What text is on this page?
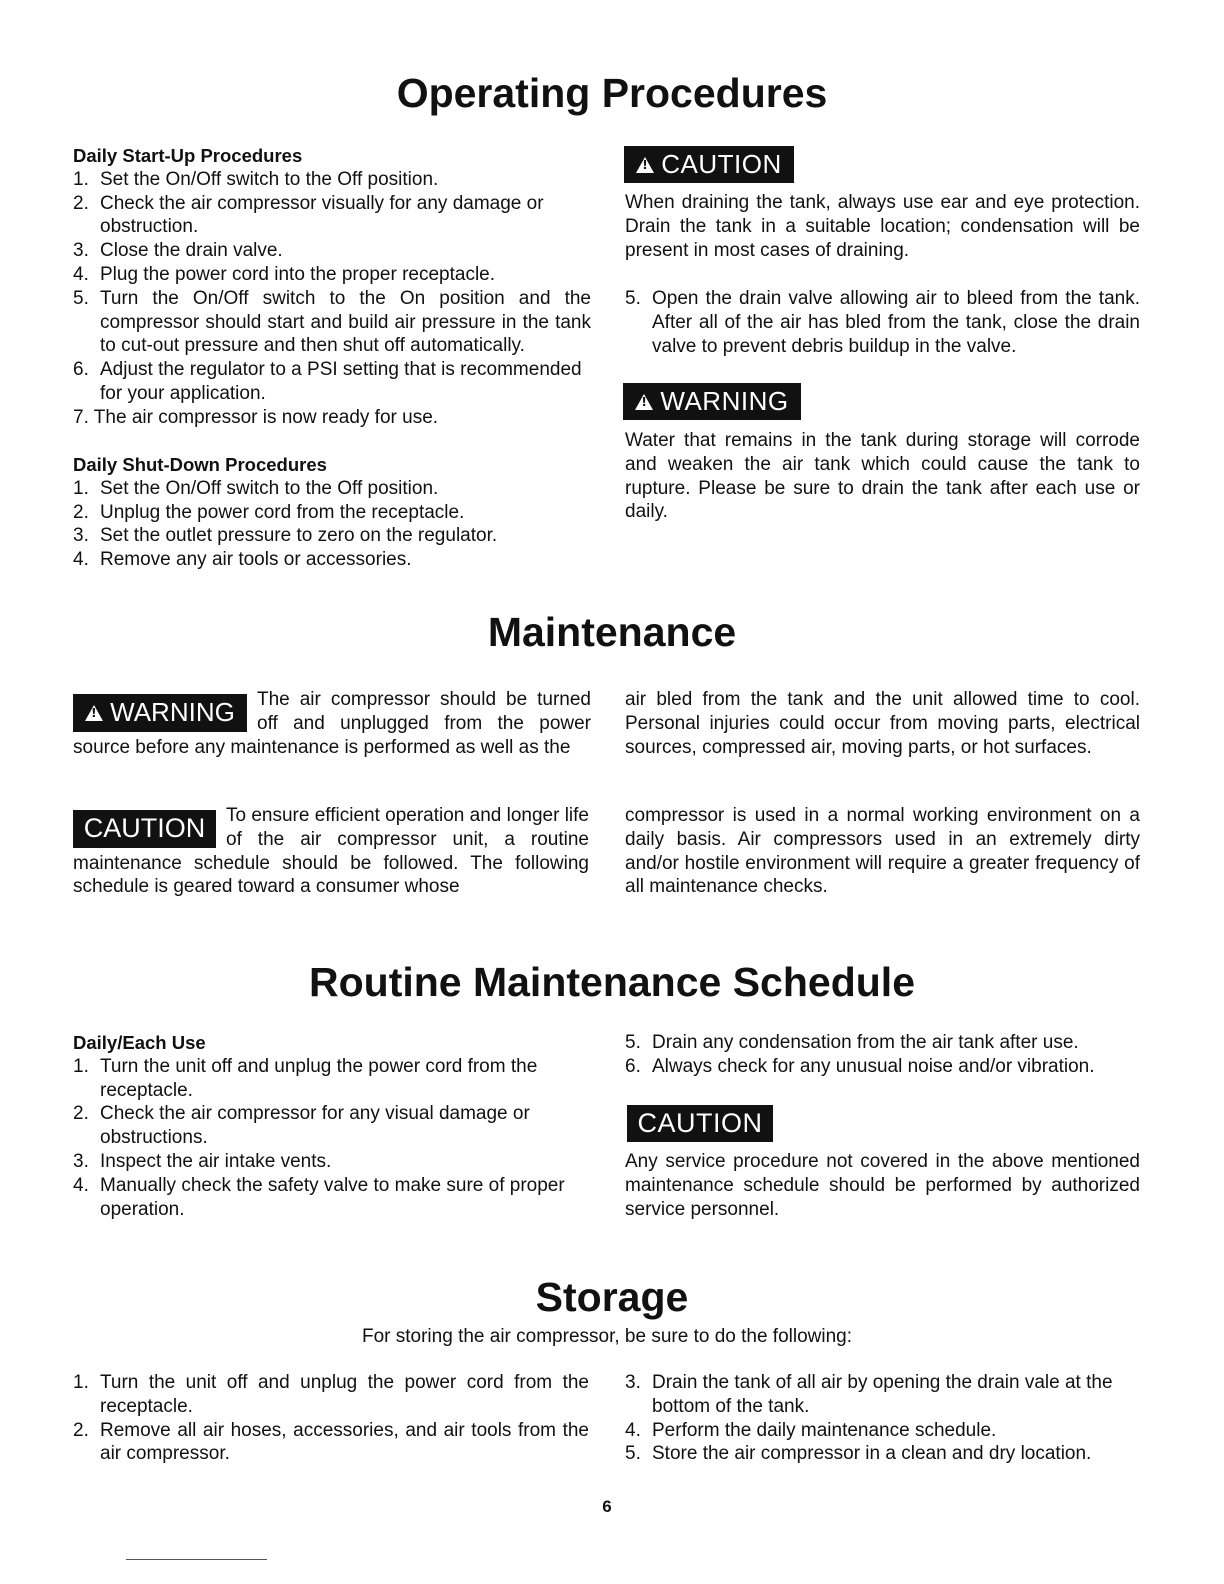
Operating Procedures
Daily Start-Up Procedures
1. Set the On/Off switch to the Off position.
2. Check the air compressor visually for any damage or obstruction.
3. Close the drain valve.
4. Plug the power cord into the proper receptacle.
5. Turn the On/Off switch to the On position and the compressor should start and build air pressure in the tank to cut-out pressure and then shut off automatically.
6. Adjust the regulator to a PSI setting that is recommended for your application.
7. The air compressor is now ready for use.
Daily Shut-Down Procedures
1. Set the On/Off switch to the Off position.
2. Unplug the power cord from the receptacle.
3. Set the outlet pressure to zero on the regulator.
4. Remove any air tools or accessories.
!
CAUTION
When draining the tank, always use ear and eye protection. Drain the tank in a suitable location; condensation will be present in most cases of draining.
5. Open the drain valve allowing air to bleed from the tank. After all of the air has bled from the tank, close the drain valve to prevent debris buildup in the valve.
!
WARNING
Water that remains in the tank during storage will corrode and weaken the air tank which could cause the tank to rupture. Please be sure to drain the tank after each use or daily.
Maintenance
!
WARNING	The air compressor should be turned off and unplugged from the power source before any maintenance is performed as well as the

air bled from the tank and the unit allowed time to cool. Personal injuries could occur from moving parts, electrical sources, compressed air, moving parts, or hot surfaces.
CAUTION	To ensure efficient operation and longer life of the air compressor unit, a routine maintenance schedule should be followed. The following schedule is geared toward a consumer whose

compressor is used in a normal working environment on a daily basis. Air compressors used in an extremely dirty and/or hostile environment will require a greater frequency of all maintenance checks.
Routine Maintenance Schedule
Daily/Each Use
1. Turn the unit off and unplug the power cord from the receptacle.
2. Check the air compressor for any visual damage or obstructions.
3. Inspect the air intake vents.
4. Manually check the safety valve to make sure of proper operation.
5. Drain any condensation from the air tank after use.
6. Always check for any unusual noise and/or vibration.
CAUTION
Any service procedure not covered in the above mentioned maintenance schedule should be performed by authorized service personnel.
Storage
For storing the air compressor, be sure to do the following:
1. Turn the unit off and unplug the power cord from the receptacle.
2. Remove all air hoses, accessories, and air tools from the air compressor.
3. Drain the tank of all air by opening the drain vale at the bottom of the tank.
4. Perform the daily maintenance schedule.
5. Store the air compressor in a clean and dry location.
6
